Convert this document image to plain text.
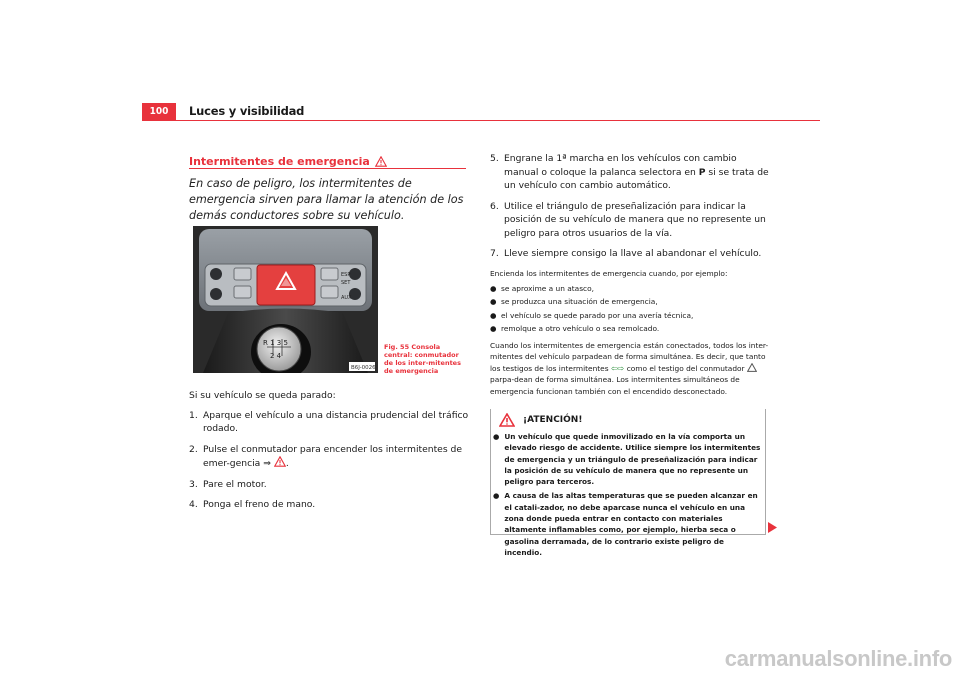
100	Luces y visibilidad
Intermitentes de emergencia
En caso de peligro, los intermitentes de emergencia sirven para llamar la atención de los demás conductores sobre su vehículo.
ESP
SET
AUX
R 1 3 5
2 4
B6J-0026
Fig. 55 Consola central: conmutador de los inter-mitentes de emergencia

Si su vehículo se queda parado:

1. Aparque el vehículo a una distancia prudencial del tráfico rodado.
2. Pulse el conmutador para encender los intermitentes de emer-gencia ⇒ .
3. Pare el motor.
4. Ponga el freno de mano.
5. Engrane la 1ª marcha en los vehículos con cambio manual o coloque la palanca selectora en P si se trata de un vehículo con cambio automático.
6. Utilice el triángulo de preseñalización para indicar la posición de su vehículo de manera que no represente un peligro para otros usuarios de la vía.
7. Lleve siempre consigo la llave al abandonar el vehículo.
Encienda los intermitentes de emergencia cuando, por ejemplo:
● se aproxime a un atasco,
● se produzca una situación de emergencia,
● el vehículo se quede parado por una avería técnica,
● remolque a otro vehículo o sea remolcado.
Cuando los intermitentes de emergencia están conectados, todos los inter-mitentes del vehículo parpadean de forma simultánea. Es decir, que tanto los testigos de los intermitentes ⇦⇨ como el testigo del conmutador  parpa-dean de forma simultánea. Los intermitentes simultáneos de emergencia funcionan también con el encendido desconectado.
¡ATENCIÓN!
● Un vehículo que quede inmovilizado en la vía comporta un elevado riesgo de accidente. Utilice siempre los intermitentes de emergencia y un triángulo de preseñalización para indicar la posición de su vehículo de manera que no represente un peligro para terceros.
● A causa de las altas temperaturas que se pueden alcanzar en el catali-zador, no debe aparcase nunca el vehículo en una zona donde pueda entrar en contacto con materiales altamente inflamables como, por ejemplo, hierba seca o gasolina derramada, de lo contrario existe peligro de incendio.
carmanualsonline.info
